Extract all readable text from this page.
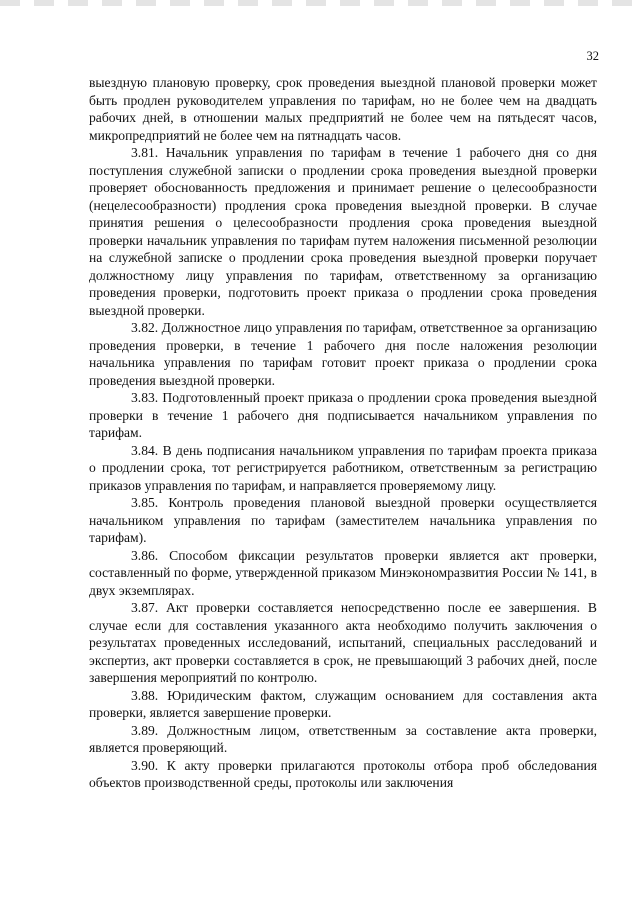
32

выездную плановую проверку, срок проведения выездной плановой проверки может быть продлен руководителем управления по тарифам, но не более чем на двадцать рабочих дней, в отношении малых предприятий не более чем на пятьдесят часов, микропредприятий не более чем на пятнадцать часов.

3.81. Начальник управления по тарифам в течение 1 рабочего дня со дня поступления служебной записки о продлении срока проведения выездной проверки проверяет обоснованность предложения и принимает решение о целесообразности (нецелесообразности) продления срока проведения выездной проверки. В случае принятия решения о целесообразности продления срока проведения выездной проверки начальник управления по тарифам путем наложения письменной резолюции на служебной записке о продлении срока проведения выездной проверки поручает должностному лицу управления по тарифам, ответственному за организацию проведения проверки, подготовить проект приказа о продлении срока проведения выездной проверки.

3.82. Должностное лицо управления по тарифам, ответственное за организацию проведения проверки, в течение 1 рабочего дня после наложения резолюции начальника управления по тарифам готовит проект приказа о продлении срока проведения выездной проверки.

3.83. Подготовленный проект приказа о продлении срока проведения выездной проверки в течение 1 рабочего дня подписывается начальником управления по тарифам.

3.84. В день подписания начальником управления по тарифам проекта приказа о продлении срока, тот регистрируется работником, ответственным за регистрацию приказов управления по тарифам, и направляется проверяемому лицу.

3.85. Контроль проведения плановой выездной проверки осуществляется начальником управления по тарифам (заместителем начальника управления по тарифам).

3.86. Способом фиксации результатов проверки является акт проверки, составленный по форме, утвержденной приказом Минэкономразвития России № 141, в двух экземплярах.

3.87. Акт проверки составляется непосредственно после ее завершения. В случае если для составления указанного акта необходимо получить заключения о результатах проведенных исследований, испытаний, специальных расследований и экспертиз, акт проверки составляется в срок, не превышающий 3 рабочих дней, после завершения мероприятий по контролю.

3.88. Юридическим фактом, служащим основанием для составления акта проверки, является завершение проверки.

3.89. Должностным лицом, ответственным за составление акта проверки, является проверяющий.

3.90. К акту проверки прилагаются протоколы отбора проб обследования объектов производственной среды, протоколы или заключения
